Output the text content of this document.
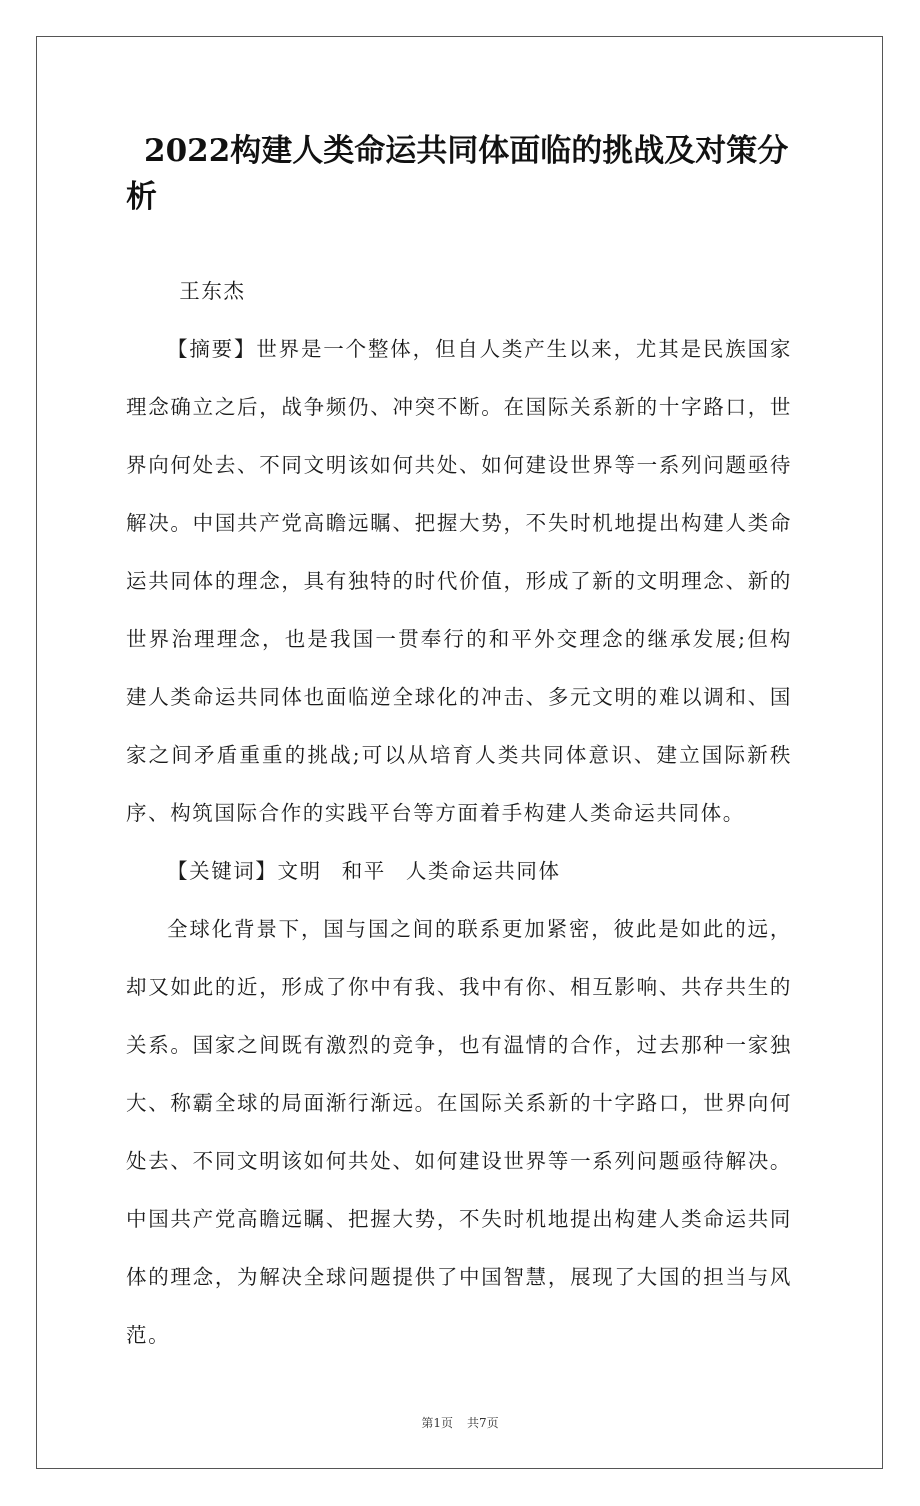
2022构建人类命运共同体面临的挑战及对策分析

王东杰

【摘要】世界是一个整体，但自人类产生以来，尤其是民族国家理念确立之后，战争频仍、冲突不断。在国际关系新的十字路口，世界向何处去、不同文明该如何共处、如何建设世界等一系列问题亟待解决。中国共产党高瞻远瞩、把握大势，不失时机地提出构建人类命运共同体的理念，具有独特的时代价值，形成了新的文明理念、新的世界治理理念，也是我国一贯奉行的和平外交理念的继承发展;但构建人类命运共同体也面临逆全球化的冲击、多元文明的难以调和、国家之间矛盾重重的挑战;可以从培育人类共同体意识、建立国际新秩序、构筑国际合作的实践平台等方面着手构建人类命运共同体。

【关键词】文明 和平 人类命运共同体

全球化背景下，国与国之间的联系更加紧密，彼此是如此的远，却又如此的近，形成了你中有我、我中有你、相互影响、共存共生的关系。国家之间既有激烈的竞争，也有温情的合作，过去那种一家独大、称霸全球的局面渐行渐远。在国际关系新的十字路口，世界向何处去、不同文明该如何共处、如何建设世界等一系列问题亟待解决。中国共产党高瞻远瞩、把握大势，不失时机地提出构建人类命运共同体的理念，为解决全球问题提供了中国智慧，展现了大国的担当与风范。

第1页 共7页
